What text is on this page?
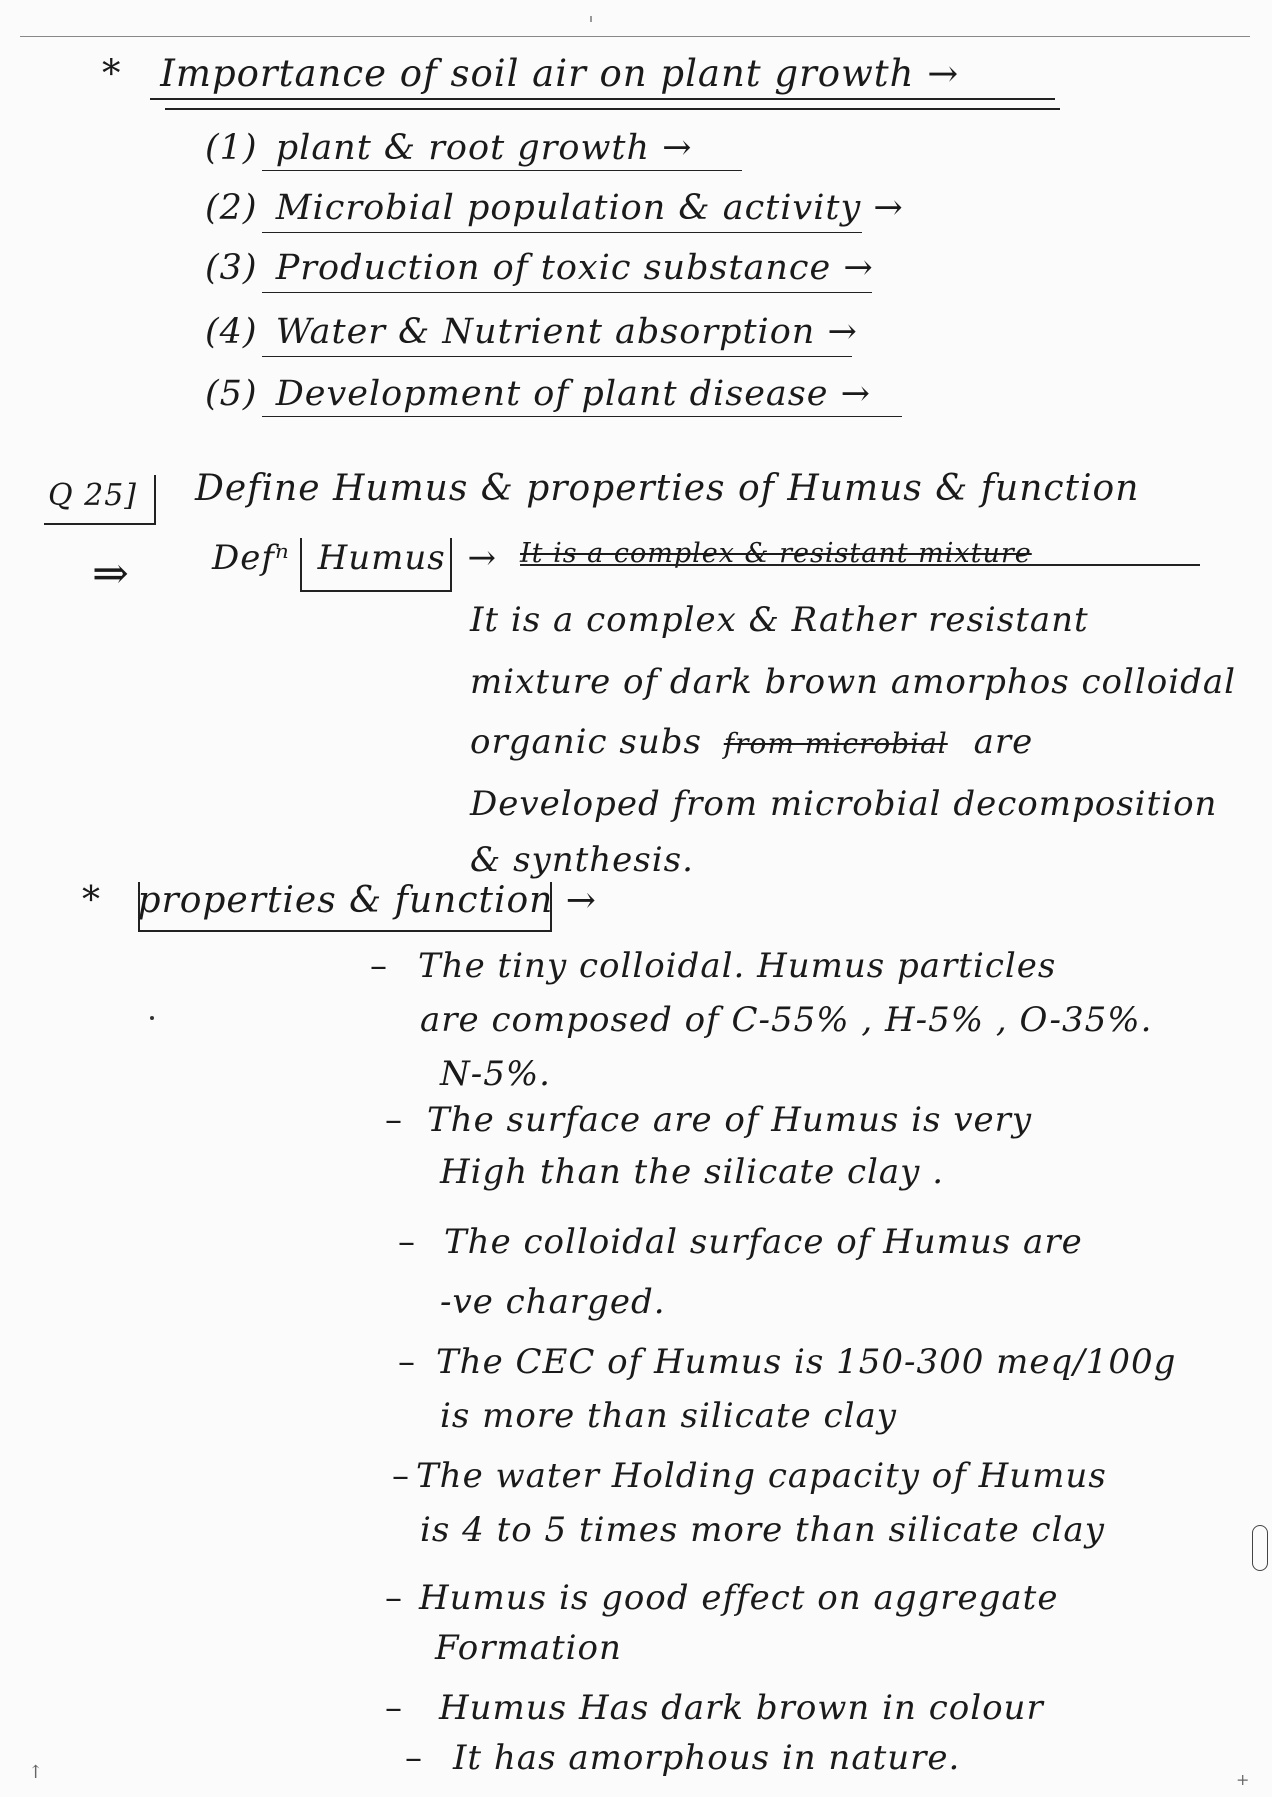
* Importance of soil air on plant growth →
(1) plant & root growth →
(2) Microbial population & activity →
(3) Production of toxic substance →
(4) Water & Nutrient absorption →
(5) Development of plant disease →
Q 25] Define Humus & properties of Humus & function
⇒ Defⁿ Humus → It is a complex & resistant mixture
It is a complex & Rather resistant
mixture of dark brown amorphos colloidal
organic subs from microbial are
Developed from microbial decomposition
& synthesis.
* properties & function →
– The tiny colloidal. Humus particles
are composed of C-55% , H-5% , O-35%.
N-5%.
– The surface are of Humus is very
High than the silicate clay .
– The colloidal surface of Humus are
-ve charged.
– The CEC of Humus is 150-300 meq/100g
is more than silicate clay
– The water Holding capacity of Humus
is 4 to 5 times more than silicate clay
– Humus is good effect on aggregate
Formation
– Humus Has dark brown in colour
– It has amorphous in nature.
↑	+
